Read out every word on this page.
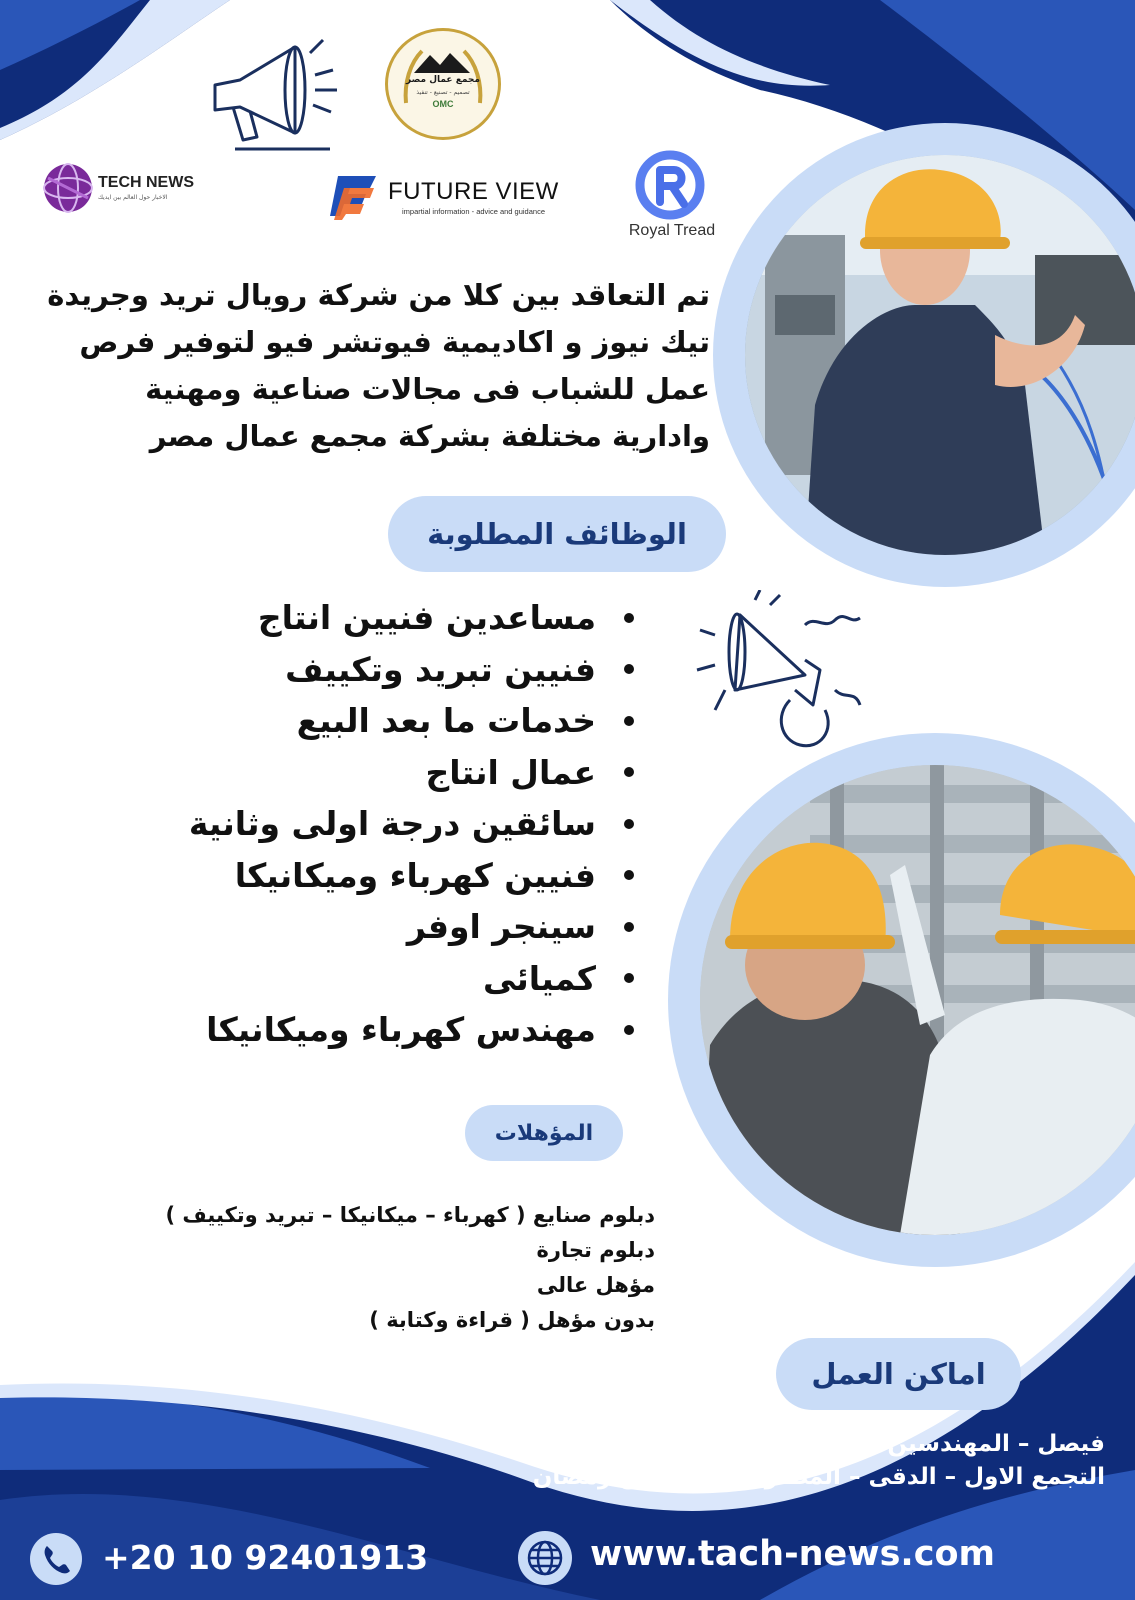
مجمع عمال مصر
تصميم - تصنيع - تنفيذ
OMC
TECH NEWS
الاخبار حول العالم بين ايديك	FUTURE VIEW
impartial information - advice and guidance
Royal Tread
تم التعاقد بين كلا من شركة رويال تريد وجريدة
تيك نيوز و اكاديمية فيوتشر فيو لتوفير فرص
عمل للشباب فى مجالات صناعية ومهنية
وادارية مختلفة بشركة مجمع عمال مصر
الوظائف المطلوبة
مساعدين فنيين انتاج
فنيين تبريد وتكييف
خدمات ما بعد البيع
عمال انتاج
سائقين درجة اولى وثانية
فنيين كهرباء وميكانيكا
سينجر اوفر
كميائى
مهندس كهرباء وميكانيكا
المؤهلات
دبلوم صنايع ( كهرباء – ميكانيكا – تبريد وتكييف )
دبلوم تجارة
مؤهل عالى
بدون مؤهل ( قراءة وكتابة )
اماكن العمل
فيصل – المهندسين – اكتوبر – مدينة نصر - الغردقة
التجمع الاول – الدقى – المطار – العاشر من رمضان
+20 10 92401913	www.tach-news.com
